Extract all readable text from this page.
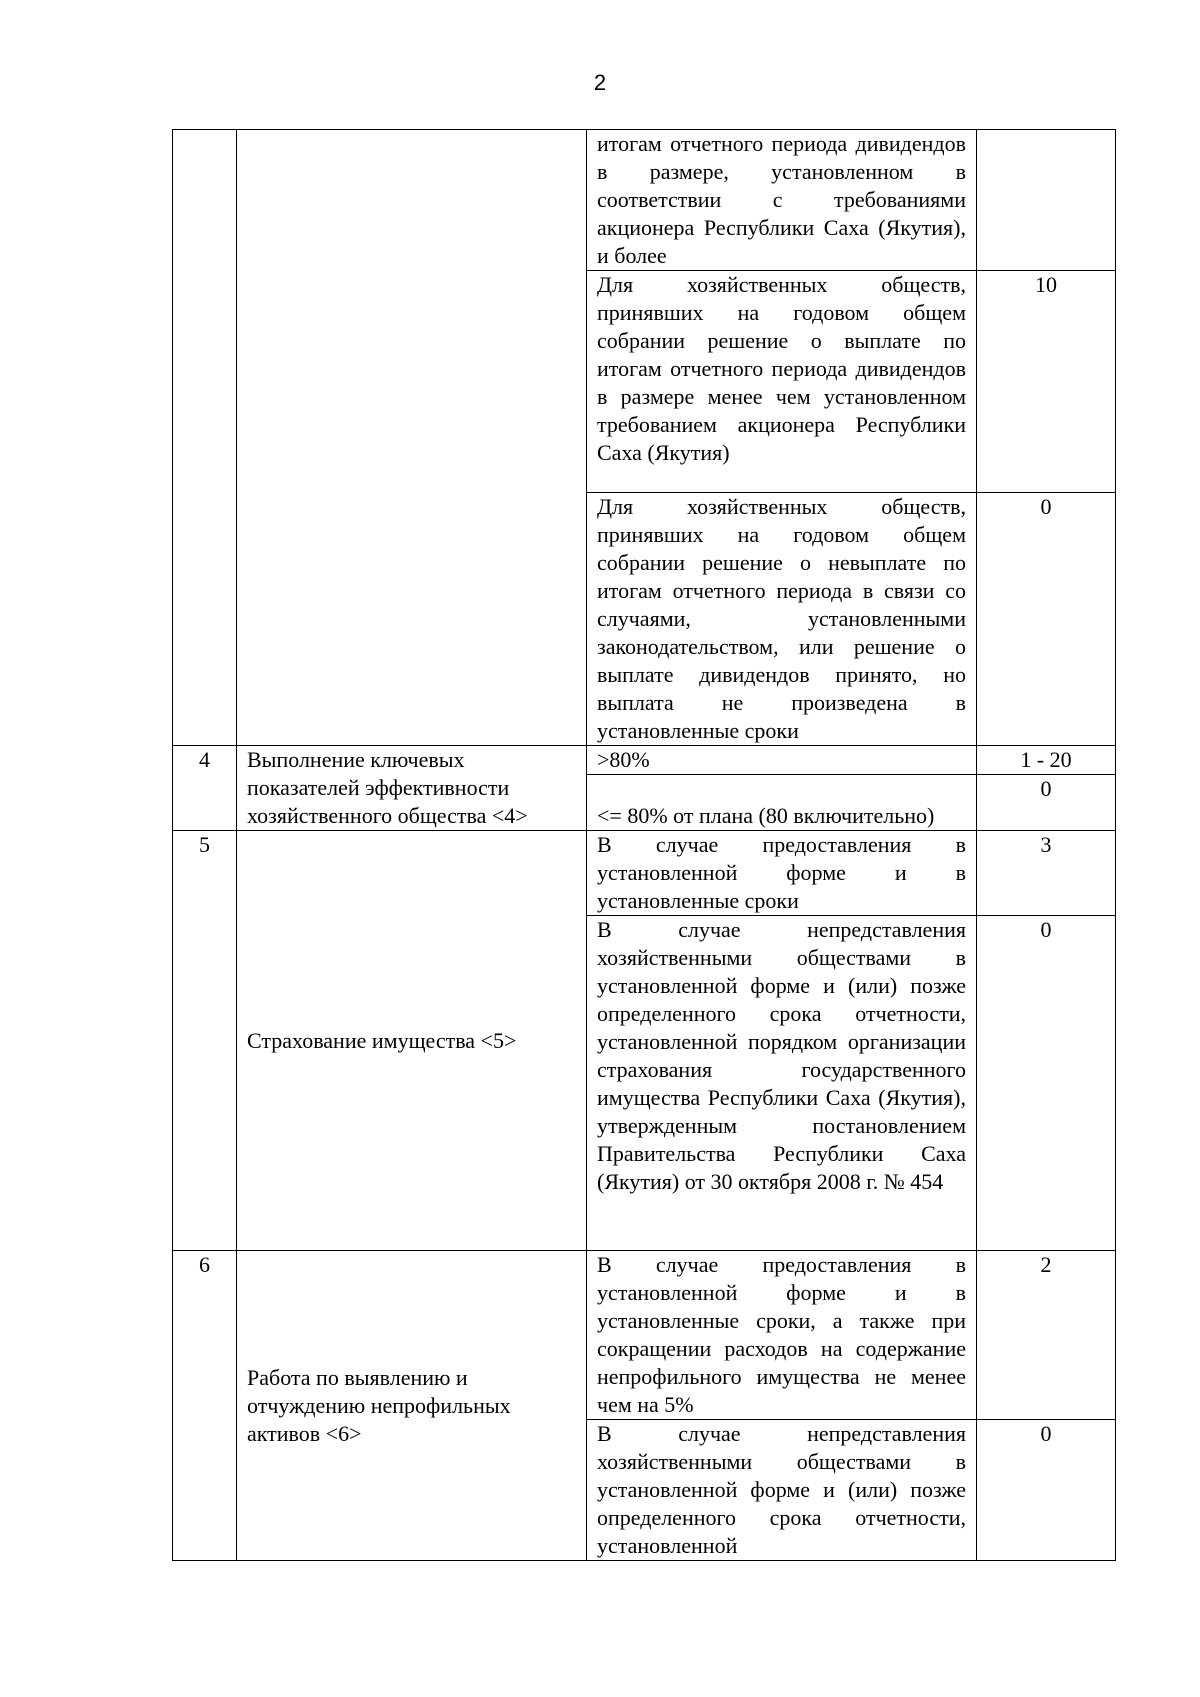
2
		итогам отчетного периода дивидендов в размере, установленном в соответствии с требованиями акционера Республики Саха (Якутия), и более	
		Для хозяйственных обществ, принявших на годовом общем собрании решение о выплате по итогам отчетного периода дивидендов в размере менее чем установленном требованием акционера Республики Саха (Якутия)	10
		Для хозяйственных обществ, принявших на годовом общем собрании решение о невыплате по итогам отчетного периода в связи со случаями, установленными законодательством, или решение о выплате дивидендов принято, но выплата не произведена в установленные сроки	0
4	Выполнение ключевых показателей эффективности хозяйственного общества <4>	>80%	1 - 20
		<= 80% от плана (80 включительно)	0
5	Страхование имущества <5>	В случае предоставления в установленной форме и в установленные сроки	3
		В случае непредставления хозяйственными обществами в установленной форме и (или) позже определенного срока отчетности, установленной порядком организации страхования государственного имущества Республики Саха (Якутия), утвержденным постановлением Правительства Республики Саха (Якутия) от 30 октября 2008 г. № 454	0
6	Работа по выявлению и отчуждению непрофильных активов <6>	В случае предоставления в установленной форме и в установленные сроки, а также при сокращении расходов на содержание непрофильного имущества не менее чем на 5%	2
		В случае непредставления хозяйственными обществами в установленной форме и (или) позже определенного срока отчетности, установленной	0
